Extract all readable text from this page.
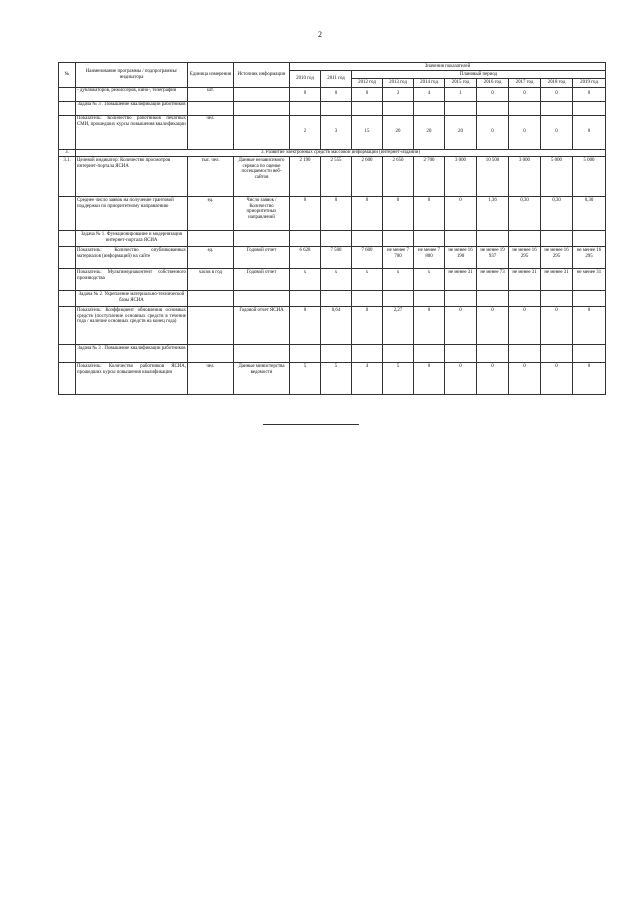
2
№	Наименование программы / подпрограммы/ индикатора	Единица измерения	Источник информации	Значения показателей									
				2010 год	2011 год	Плановый период							
						2012 год	2013 год	2014 год	2015 год	2016 год	2017 год	2018 год	2019 год
	- дубляжаторов, режиссеров, кино-, телеграфий	шт.		0	0	0	3	4	1	0	0	0	0
	Задача № 3 . Повышение квалификации работников												
	Показатель: Количество работников печатных СМИ, прошедших курсы повышения квалификации	чел.		2	3	15	20	20	20	0	0	0	0
3.	3. Развитие электронных средств массовой информации (интернет-изданий)												
3.1.	Целевой индикатор: Количество просмотров интернет-портала ЯСИА	тыс. чел.	Данные независимого сервиса по оценке посещаемости веб-сайтов	2 190	2 555	2 600	2 650	2 700	3 000	10 500	3 000	5 000	5 000
	Среднее число заявок на получение грантовой поддержки по приоритетному направлению	ед.	Число заявок / Количество приоритетных направлений	0	0	0	0	0	0	1,36	0,30	0,30	0,30
	Задача № 1. Функционирование и модернизация интернет-портала ЯСИА												
	Показатель: Количество опубликованных материалов (информаций) на сайте	ед.	Годовой отчет	6 628	7 500	7 600	не менее 7 700	не менее 7 800	не менее 16 190	не менее 19 937	не менее 16 295	не менее 16 295	не менее 16 295
	Показатель: Мультимедиаконтент собственного производства	часов в год	Годовой отчет	х	х	х	х	х	не менее 31	не менее 73	не менее 31	не менее 31	не менее 31
	Задача № 2. Укрепление материально-технической базы ЯСИА												
	Показатель: Коэффициент обновления основных средств (поступление основных средств в течение года / наличие основных средств на конец года)		Годовой отчет ЯСИА	0	0,64	0	2,27	0	0	0	0	0	0
	Задача № 3 . Повышение квалификации работников												
	Показатель: Количество работников ЯСИА, прошедших курсы повышения квалификации	чел.	Данные министерства ведомости	5	5	4	5	0	0	0	0	0	0
